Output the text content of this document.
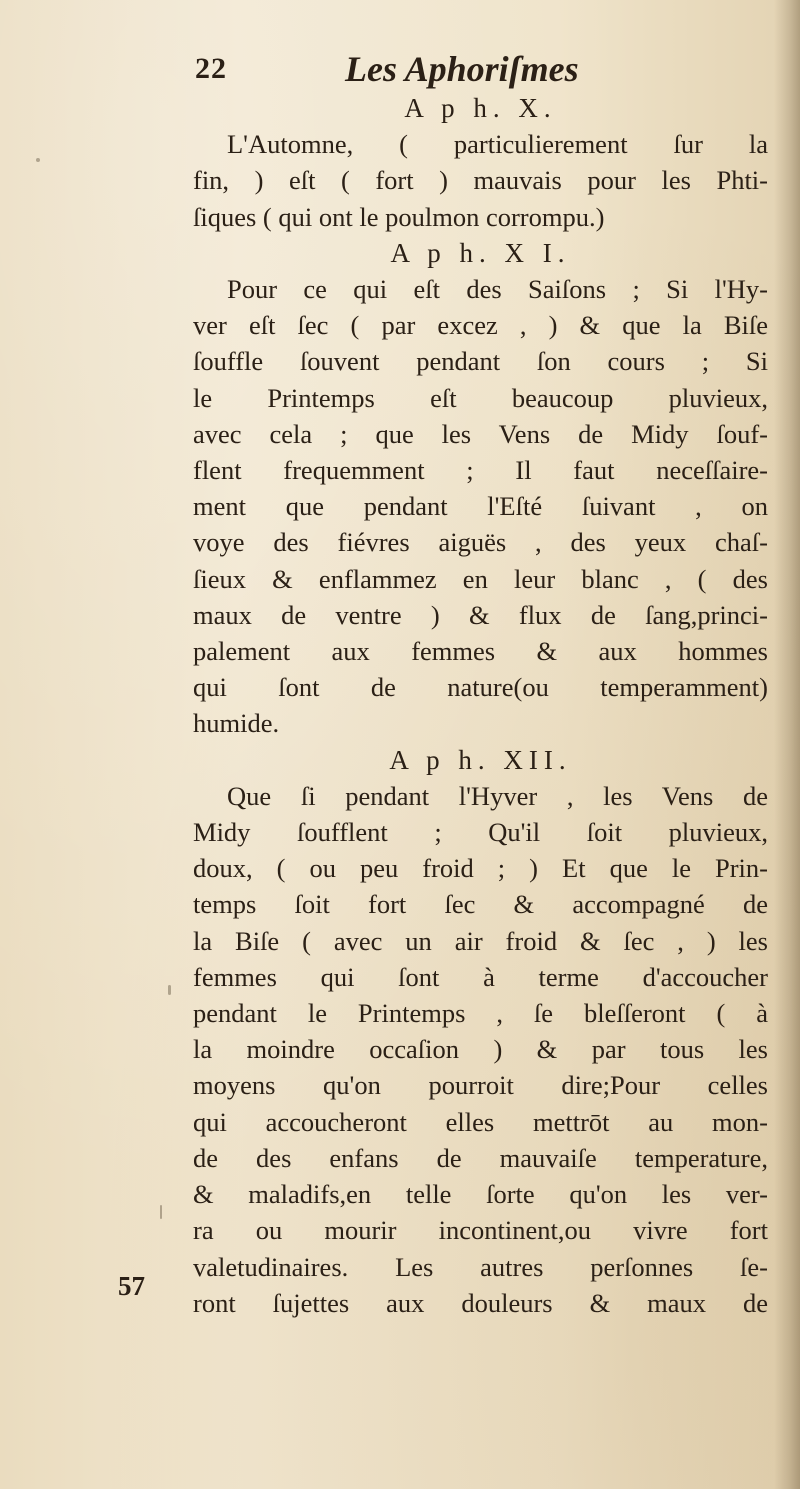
22	Les Aphoriſmes
A p h. X.
L'Automne, ( particulierement ſur la
fin, ) eſt ( fort ) mauvais pour les Phti-
ſiques ( qui ont le poulmon corrompu.)
A p h. X I.
Pour ce qui eſt des Saiſons ; Si l'Hy-
ver eſt ſec ( par excez , ) & que la Biſe
ſouffle ſouvent pendant ſon cours ; Si
le Printemps eſt beaucoup pluvieux,
avec cela ; que les Vens de Midy ſouf-
flent frequemment ; Il faut neceſſaire-
ment que pendant l'Eſté ſuivant , on
voye des fiévres aiguës , des yeux chaſ-
ſieux & enflammez en leur blanc , ( des
maux de ventre ) & flux de ſang,princi-
palement aux femmes & aux hommes
qui ſont de nature(ou temperamment)
humide.
A p h. XII.
Que ſi pendant l'Hyver , les Vens de
Midy ſoufflent ; Qu'il ſoit pluvieux,
doux, ( ou peu froid ; ) Et que le Prin-
temps ſoit fort ſec & accompagné de
la Biſe ( avec un air froid & ſec , ) les
femmes qui ſont à terme d'accoucher
pendant le Printemps , ſe bleſſeront ( à
la moindre occaſion ) & par tous les
moyens qu'on pourroit dire;Pour celles
qui accoucheront elles mettrōt au mon-
de des enfans de mauvaiſe temperature,
& maladifs,en telle ſorte qu'on les ver-
ra ou mourir incontinent,ou vivre fort
valetudinaires. Les autres perſonnes ſe-
ront ſujettes aux douleurs & maux de
57
